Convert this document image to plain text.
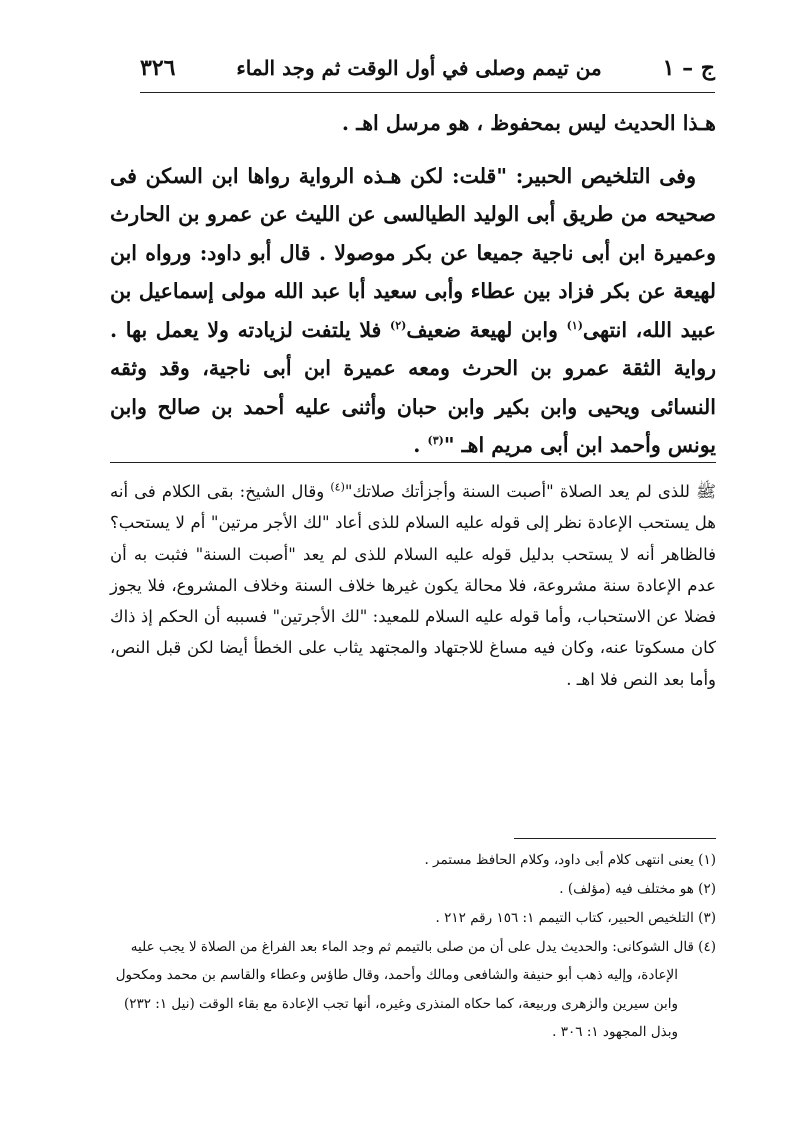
ج – ١
من تيمم وصلى في أول الوقت ثم وجد الماء
٣٢٦

هـذا الحديث ليس بمحفوظ ، هو مرسل اهـ .

وفى التلخيص الحبير: "قلت: لكن هـذه الرواية رواها ابن السكن فى صحيحه من طريق أبى الوليد الطيالسى عن الليث عن عمرو بن الحارث وعميرة ابن أبى ناجية جميعا عن بكر موصولا . قال أبو داود: ورواه ابن لهيعة عن بكر فزاد بين عطاء وأبى سعيد أبا عبد الله مولى إسماعيل بن عبيد الله، انتهى$^{(١)}$ وابن لهيعة ضعيف$^{(٢)}$ فلا يلتفت لزيادته ولا يعمل بها . رواية الثقة عمرو بن الحرث ومعه عميرة ابن أبى ناجية، وقد وثقه النسائى ويحيى وابن بكير وابن حبان وأثنى عليه أحمد بن صالح وابن يونس وأحمد ابن أبى مريم اهـ "$^{(٣)}$ .

ﷺ للذى لم يعد الصلاة "أصبت السنة وأجزأتك صلاتك"$^{(٤)}$ وقال الشيخ: بقى الكلام فى أنه هل يستحب الإعادة نظر إلى قوله عليه السلام للذى أعاد "لك الأجر مرتين" أم لا يستحب؟ فالظاهر أنه لا يستحب بدليل قوله عليه السلام للذى لم يعد "أصبت السنة" فثبت به أن عدم الإعادة سنة مشروعة، فلا محالة يكون غيرها خلاف السنة وخلاف المشروع، فلا يجوز فضلا عن الاستحباب، وأما قوله عليه السلام للمعيد: "لك الأجرتين" فسببه أن الحكم إذ ذاك كان مسكوتا عنه، وكان فيه مساغ للاجتهاد والمجتهد يثاب على الخطأ أيضا لكن قبل النص، وأما بعد النص فلا اهـ .

(١) يعنى انتهى كلام أبى داود، وكلام الحافظ مستمر .

(٢) هو مختلف فيه (مؤلف) .

(٣) التلخيص الحبير، كتاب التيمم ١: ١٥٦ رقم ٢١٢ .

(٤) قال الشوكانى: والحديث يدل على أن من صلى بالتيمم ثم وجد الماء بعد الفراغ من الصلاة لا يجب عليه
الإعادة، وإليه ذهب أبو حنيفة والشافعى ومالك وأحمد، وقال طاؤس وعطاء والقاسم بن محمد ومكحول وابن سيرين والزهرى وربيعة، كما حكاه المنذرى وغيره، أنها تجب الإعادة مع بقاء الوقت (نيل ١: ٢٣٢) وبذل المجهود ١: ٣٠٦ .
